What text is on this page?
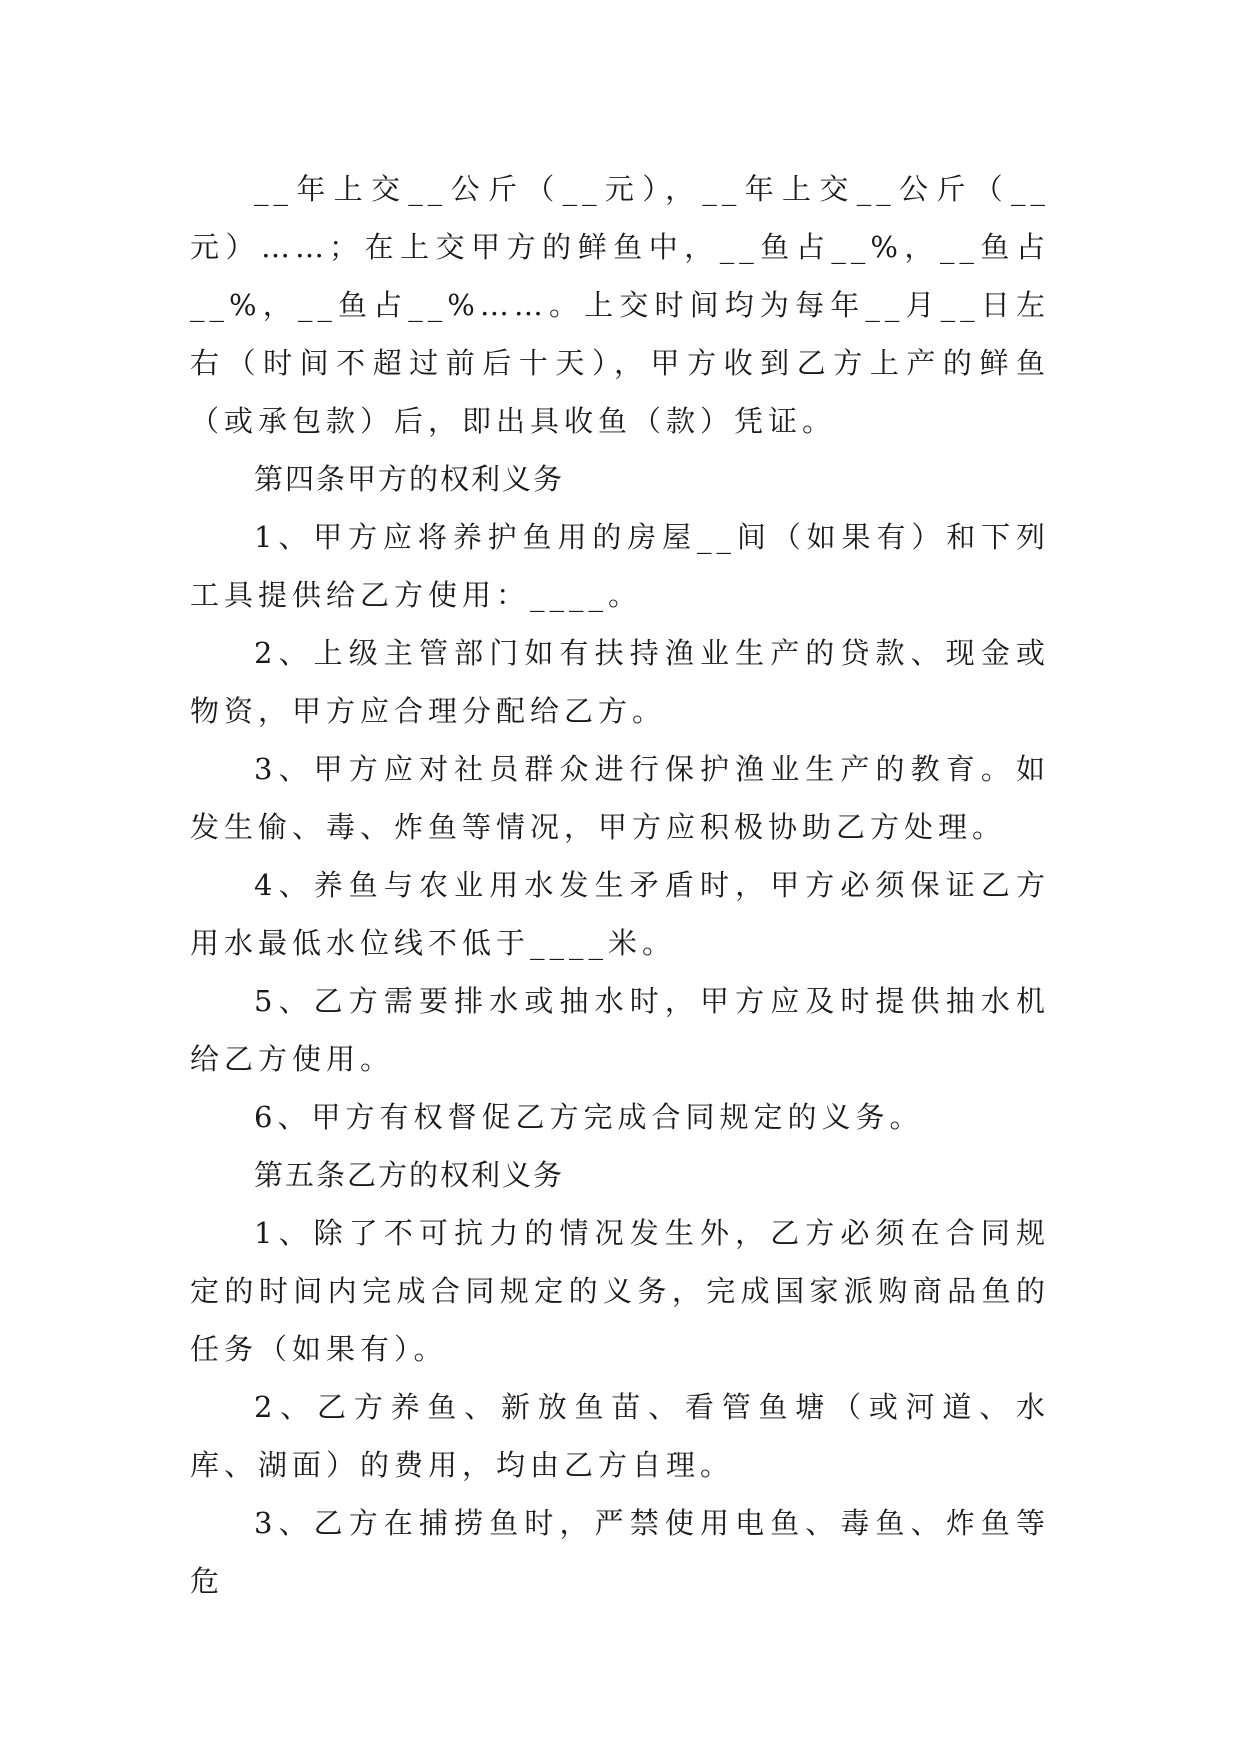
__年上交__公斤（__元），__年上交__公斤（__元）……；在上交甲方的鲜鱼中，__鱼占__%，__鱼占__%，__鱼占__%……。上交时间均为每年__月__日左右（时间不超过前后十天），甲方收到乙方上产的鲜鱼（或承包款）后，即出具收鱼（款）凭证。

第四条甲方的权利义务

1、甲方应将养护鱼用的房屋__间（如果有）和下列工具提供给乙方使用：____。

2、上级主管部门如有扶持渔业生产的贷款、现金或物资，甲方应合理分配给乙方。

3、甲方应对社员群众进行保护渔业生产的教育。如发生偷、毒、炸鱼等情况，甲方应积极协助乙方处理。

4、养鱼与农业用水发生矛盾时，甲方必须保证乙方用水最低水位线不低于____米。

5、乙方需要排水或抽水时，甲方应及时提供抽水机给乙方使用。

6、甲方有权督促乙方完成合同规定的义务。

第五条乙方的权利义务

1、除了不可抗力的情况发生外，乙方必须在合同规定的时间内完成合同规定的义务，完成国家派购商品鱼的任务（如果有）。

2、乙方养鱼、新放鱼苗、看管鱼塘（或河道、水库、湖面）的费用，均由乙方自理。

3、乙方在捕捞鱼时，严禁使用电鱼、毒鱼、炸鱼等危
